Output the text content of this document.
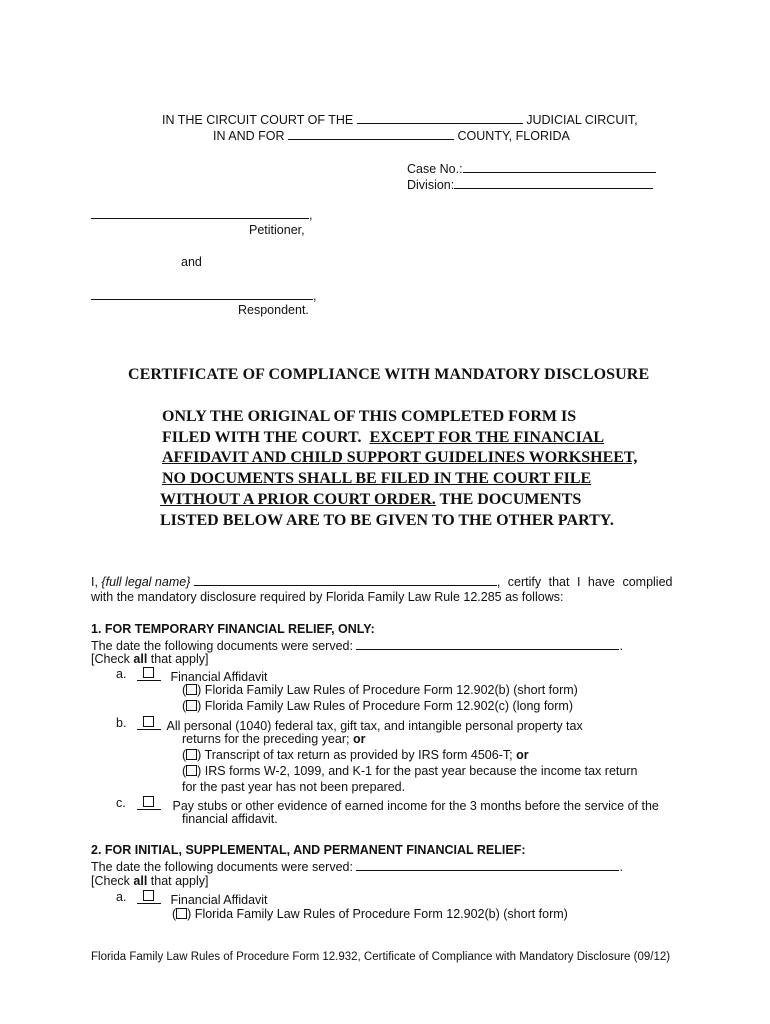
IN THE CIRCUIT COURT OF THE	JUDICIAL CIRCUIT,
IN AND FOR	COUNTY, FLORIDA
Case No.:
Division:
,
Petitioner,
and
,
Respondent.
CERTIFICATE OF COMPLIANCE WITH MANDATORY DISCLOSURE
ONLY THE ORIGINAL OF THIS COMPLETED FORM IS
FILED WITH THE COURT.  EXCEPT FOR THE FINANCIAL
AFFIDAVIT AND CHILD SUPPORT GUIDELINES WORKSHEET,
NO DOCUMENTS SHALL BE FILED IN THE COURT FILE
WITHOUT A PRIOR COURT ORDER. THE DOCUMENTS
LISTED BELOW ARE TO BE GIVEN TO THE OTHER PARTY.
I, {full legal name}	, certify that I have complied
with the mandatory disclosure required by Florida Family Law Rule 12.285 as follows:
1. FOR TEMPORARY FINANCIAL RELIEF, ONLY:
The date the following documents were served:	.
[Check all that apply]
a.	Financial Affidavit
( ) Florida Family Law Rules of Procedure Form 12.902(b) (short form)
( ) Florida Family Law Rules of Procedure Form 12.902(c) (long form)
b.	All personal (1040) federal tax, gift tax, and intangible personal property tax
returns for the preceding year; or
( ) Transcript of tax return as provided by IRS form 4506-T; or
( ) IRS forms W-2, 1099, and K-1 for the past year because the income tax return
for the past year has not been prepared.
c.	Pay stubs or other evidence of earned income for the 3 months before the service of the
financial affidavit.
2. FOR INITIAL, SUPPLEMENTAL, AND PERMANENT FINANCIAL RELIEF:
The date the following documents were served:	.
[Check all that apply]
a.	Financial Affidavit
( ) Florida Family Law Rules of Procedure Form 12.902(b) (short form)
Florida Family Law Rules of Procedure Form 12.932, Certificate of Compliance with Mandatory Disclosure (09/12)
